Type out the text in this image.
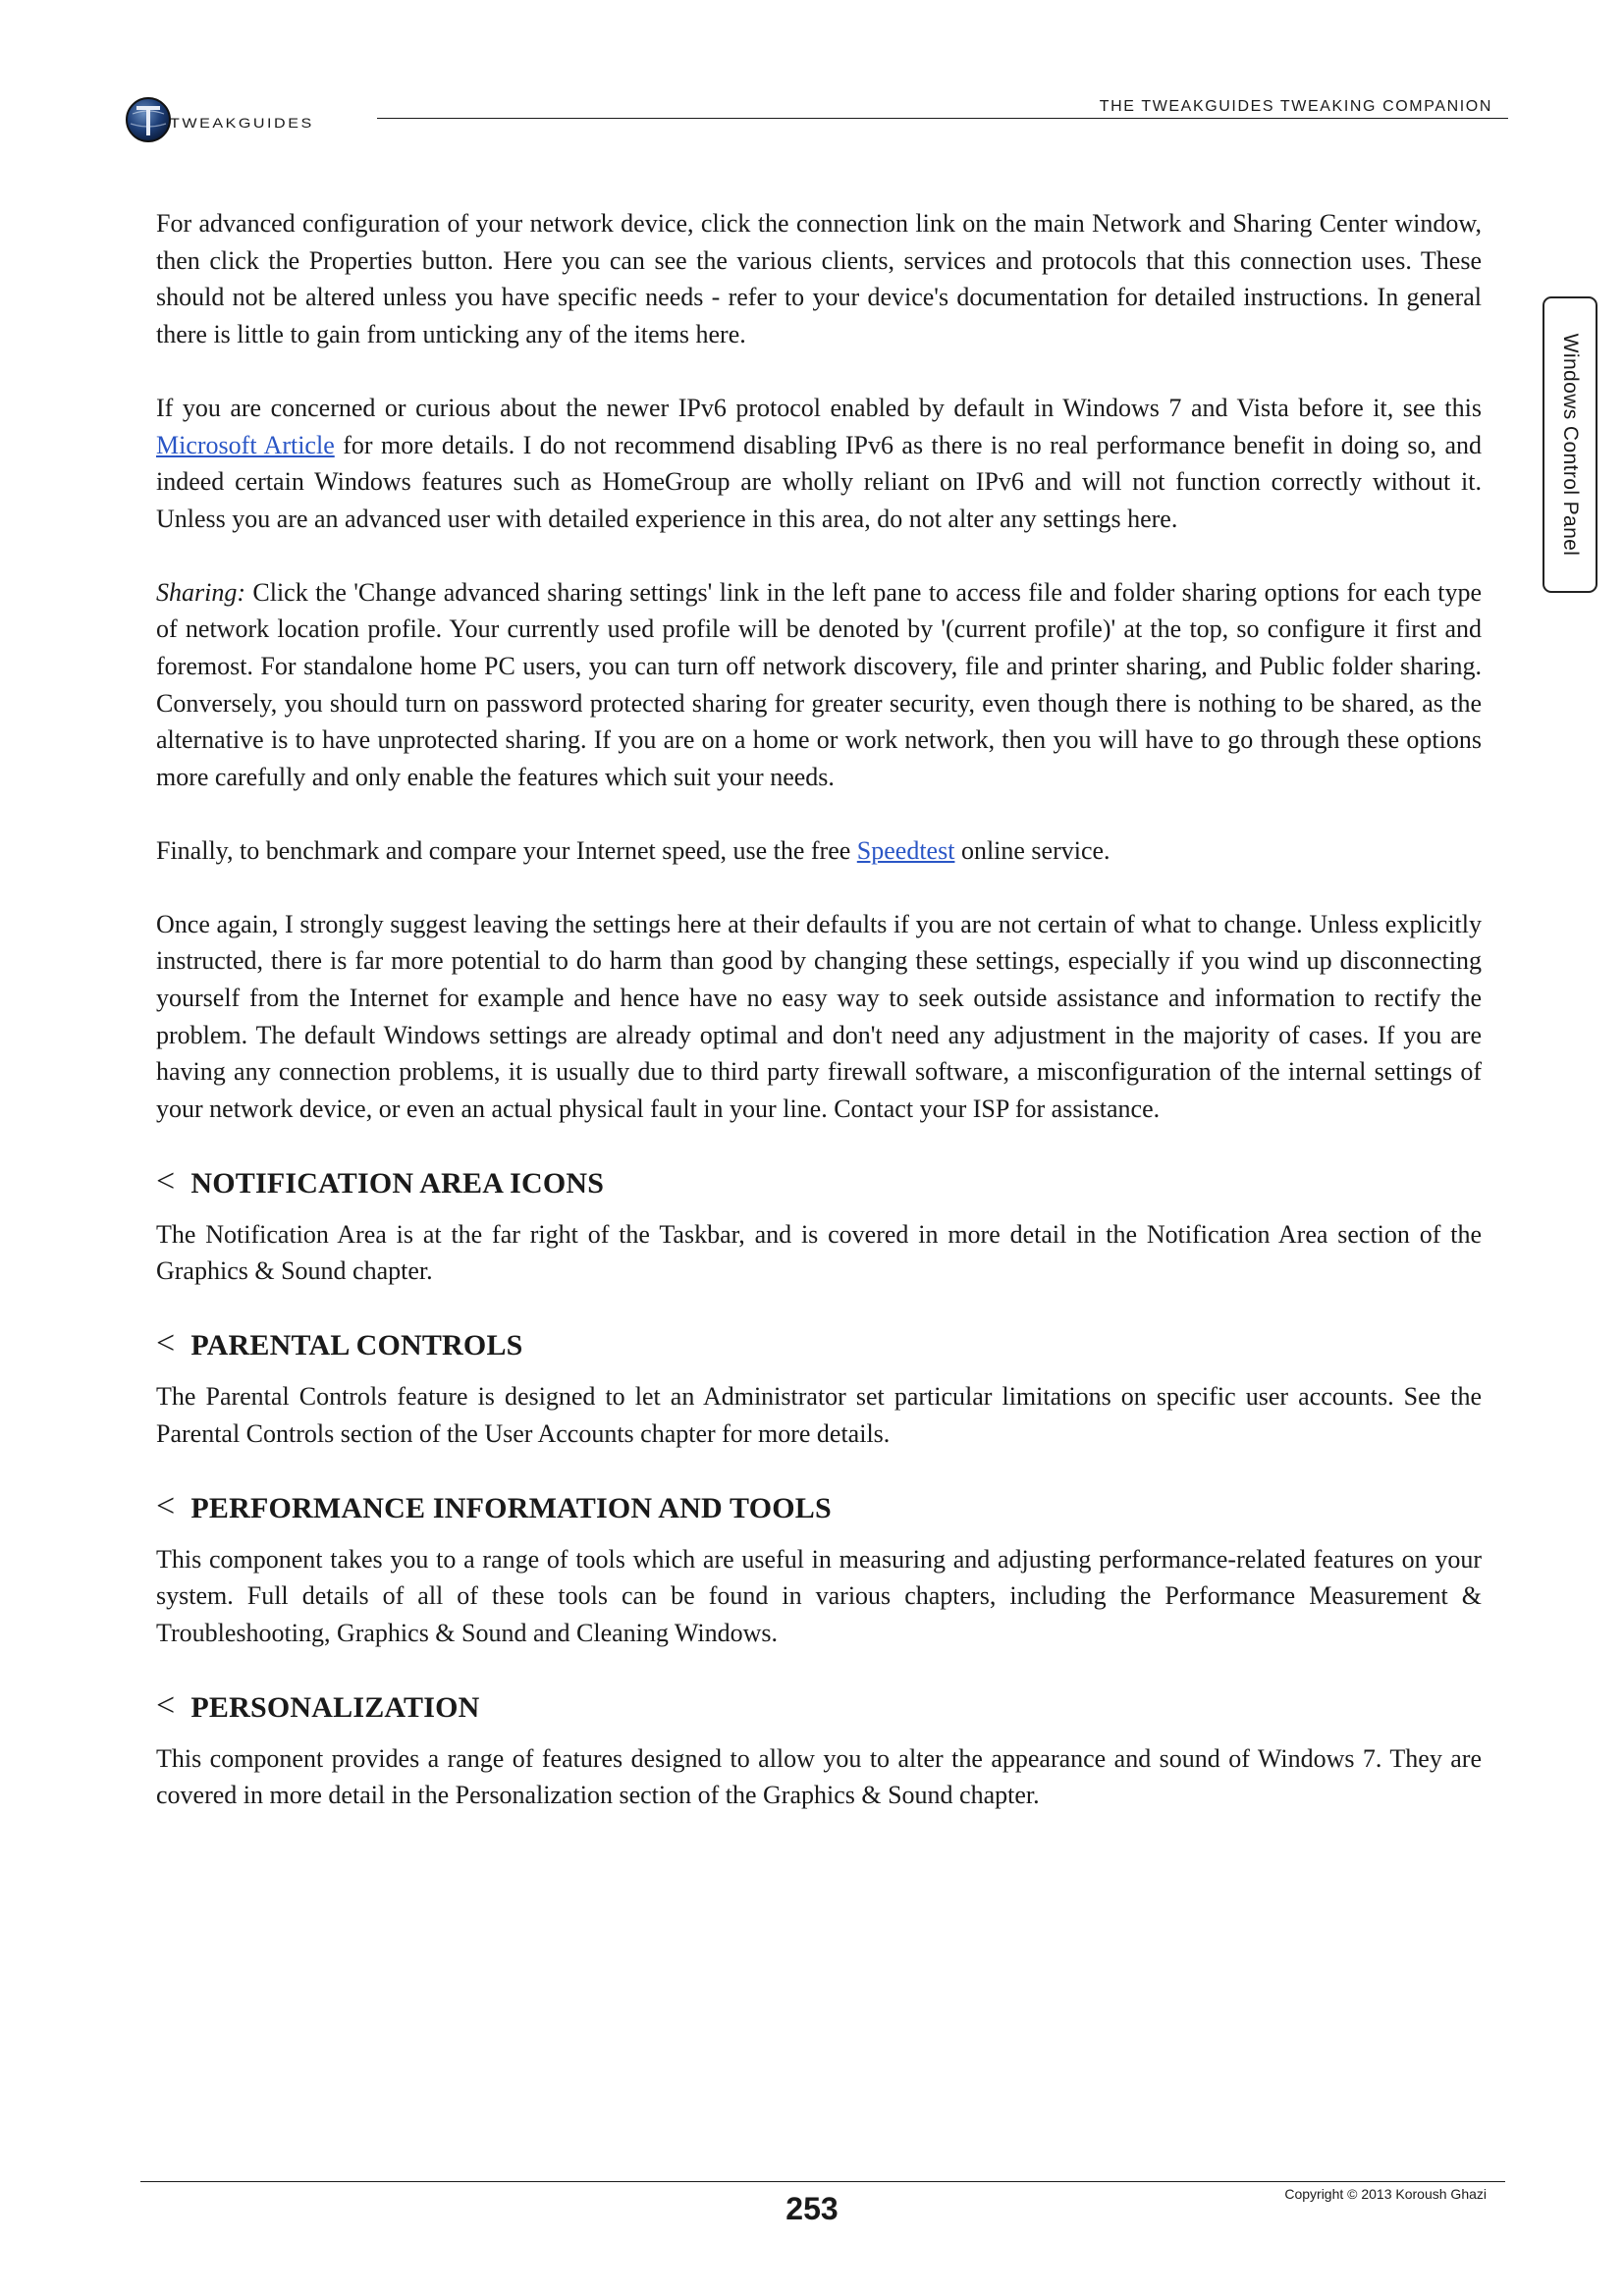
TWEAKGUIDES
THE TWEAKGUIDES TWEAKING COMPANION
Windows Control Panel

For advanced configuration of your network device, click the connection link on the main Network and Sharing Center window, then click the Properties button. Here you can see the various clients, services and protocols that this connection uses. These should not be altered unless you have specific needs - refer to your device's documentation for detailed instructions. In general there is little to gain from unticking any of the items here.

If you are concerned or curious about the newer IPv6 protocol enabled by default in Windows 7 and Vista before it, see this Microsoft Article for more details. I do not recommend disabling IPv6 as there is no real performance benefit in doing so, and indeed certain Windows features such as HomeGroup are wholly reliant on IPv6 and will not function correctly without it. Unless you are an advanced user with detailed experience in this area, do not alter any settings here.

Sharing: Click the 'Change advanced sharing settings' link in the left pane to access file and folder sharing options for each type of network location profile. Your currently used profile will be denoted by '(current profile)' at the top, so configure it first and foremost. For standalone home PC users, you can turn off network discovery, file and printer sharing, and Public folder sharing. Conversely, you should turn on password protected sharing for greater security, even though there is nothing to be shared, as the alternative is to have unprotected sharing. If you are on a home or work network, then you will have to go through these options more carefully and only enable the features which suit your needs.

Finally, to benchmark and compare your Internet speed, use the free Speedtest online service.

Once again, I strongly suggest leaving the settings here at their defaults if you are not certain of what to change. Unless explicitly instructed, there is far more potential to do harm than good by changing these settings, especially if you wind up disconnecting yourself from the Internet for example and hence have no easy way to seek outside assistance and information to rectify the problem. The default Windows settings are already optimal and don't need any adjustment in the majority of cases. If you are having any connection problems, it is usually due to third party firewall software, a misconfiguration of the internal settings of your network device, or even an actual physical fault in your line. Contact your ISP for assistance.

< NOTIFICATION AREA ICONS

The Notification Area is at the far right of the Taskbar, and is covered in more detail in the Notification Area section of the Graphics & Sound chapter.

< PARENTAL CONTROLS

The Parental Controls feature is designed to let an Administrator set particular limitations on specific user accounts. See the Parental Controls section of the User Accounts chapter for more details.

< PERFORMANCE INFORMATION AND TOOLS

This component takes you to a range of tools which are useful in measuring and adjusting performance-related features on your system. Full details of all of these tools can be found in various chapters, including the Performance Measurement & Troubleshooting, Graphics & Sound and Cleaning Windows.

< PERSONALIZATION

This component provides a range of features designed to allow you to alter the appearance and sound of Windows 7. They are covered in more detail in the Personalization section of the Graphics & Sound chapter.

253	Copyright © 2013 Koroush Ghazi
